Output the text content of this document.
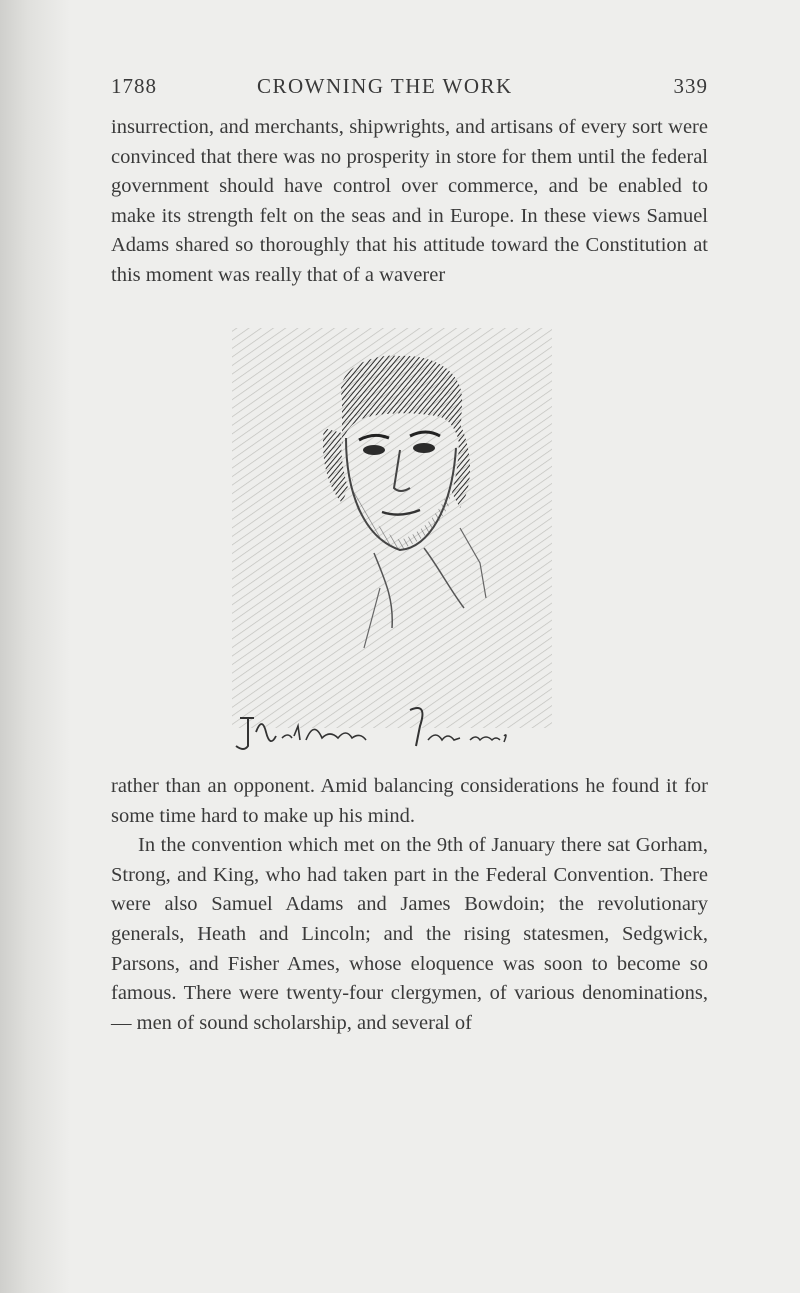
1788	CROWNING THE WORK	339

insurrection, and merchants, shipwrights, and artisans of every sort were convinced that there was no prosperity in store for them until the federal government should have control over commerce, and be enabled to make its strength felt on the seas and in Europe. In these views Samuel Adams shared so thoroughly that his attitude toward the Constitution at this moment was really that of a waverer

rather than an opponent. Amid balancing considerations he found it for some time hard to make up his mind.

In the convention which met on the 9th of January there sat Gorham, Strong, and King, who had taken part in the Federal Convention. There were also Samuel Adams and James Bowdoin; the revolutionary generals, Heath and Lincoln; and the rising statesmen, Sedgwick, Parsons, and Fisher Ames, whose eloquence was soon to become so famous. There were twenty-four clergymen, of various denominations, — men of sound scholarship, and several of
